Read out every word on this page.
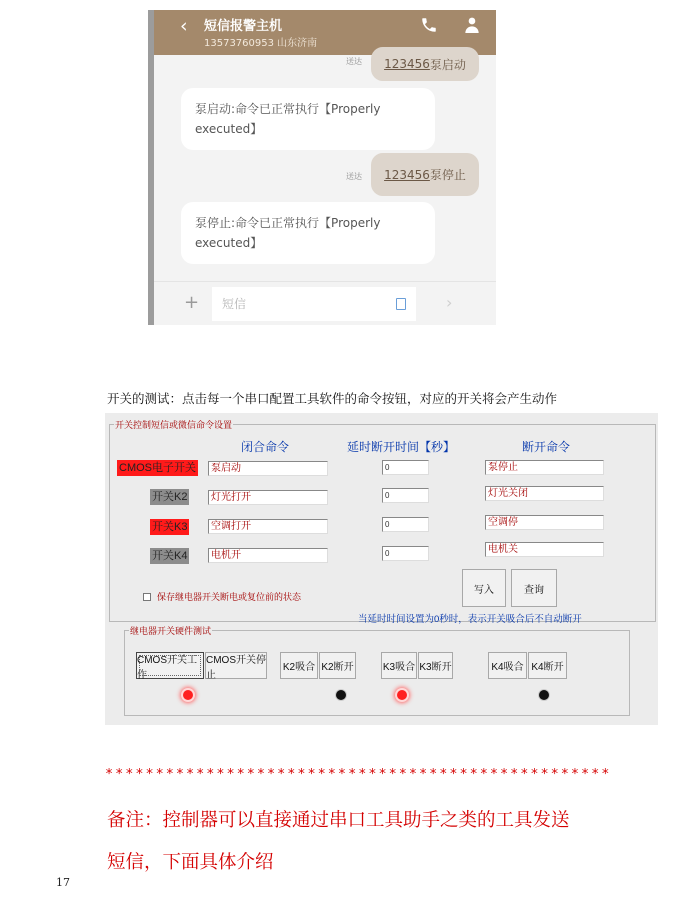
‹ 短信报警主机
13573760953 山东济南
送达 123456 泵启动
泵启动:命令已正常执行【Properly executed】
送达 123456 泵停止
泵停止:命令已正常执行【Properly executed】
+	短信	›
开关的测试：点击每一个串口配置工具软件的命令按钮，对应的开关将会产生动作
开关控制短信或微信命令设置
闭合命令	延时断开时间【秒】	断开命令
CMOS电子开关	泵启动	0	泵停止
开关K2	灯光打开	0	灯光关闭
开关K3	空调打开	0	空调停
开关K4	电机开	0	电机关
保存继电器开关断电或复位前的状态
写入	查询
当延时时间设置为0秒时，表示开关吸合后不自动断开
继电器开关硬件测试
CMOS开关工作
CMOS开关停止
K2吸合 K2断开	K3吸合 K3断开	K4吸合 K4断开
**************************************************
备注：控制器可以直接通过串口工具助手之类的工具发送
短信，下面具体介绍
17
